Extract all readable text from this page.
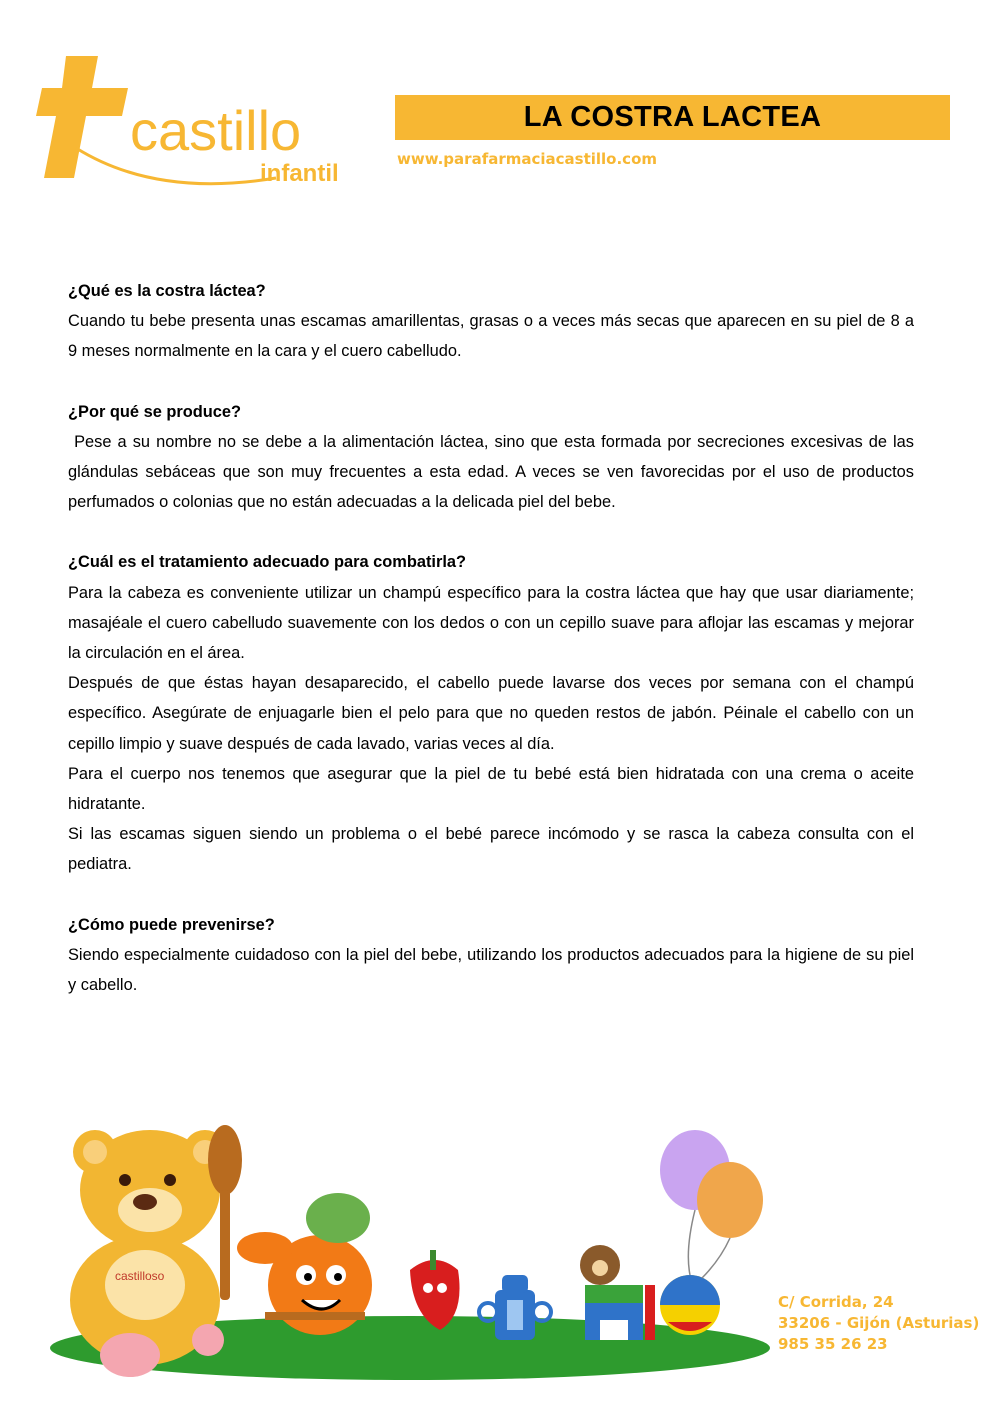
castillo
infantil
LA COSTRA LACTEA
www.parafarmaciacastillo.com
¿Qué es la costra láctea?

Cuando tu bebe presenta unas escamas amarillentas, grasas o a veces más secas que aparecen en su piel de 8 a 9 meses normalmente en la cara y el cuero cabelludo.

¿Por qué se produce?

Pese a su nombre no se debe a la alimentación láctea, sino que esta formada por secreciones excesivas de las glándulas sebáceas que son muy frecuentes a esta edad. A veces se ven favorecidas por el uso de productos perfumados o colonias que no están adecuadas a la delicada piel del bebe.

¿Cuál es el tratamiento adecuado para combatirla?

Para la cabeza es conveniente utilizar un champú específico para la costra láctea que hay que usar diariamente; masajéale el cuero cabelludo suavemente con los dedos o con un cepillo suave para aflojar las escamas y mejorar la circulación en el área.

Después de que éstas hayan desaparecido, el cabello puede lavarse dos veces por semana con el champú específico. Asegúrate de enjuagarle bien el pelo para que no queden restos de jabón. Péinale el cabello con un cepillo limpio y suave después de cada lavado, varias veces al día.

Para el cuerpo nos tenemos que asegurar que la piel de tu bebé está bien hidratada con una crema o aceite hidratante.

Si las escamas siguen siendo un problema o el bebé parece incómodo y se rasca la cabeza consulta con el pediatra.

¿Cómo puede prevenirse?

Siendo especialmente cuidadoso con la piel del bebe, utilizando los productos adecuados para la higiene de su piel y cabello.

castilloso
C/ Corrida, 24
33206 - Gijón (Asturias)
985 35 26 23
